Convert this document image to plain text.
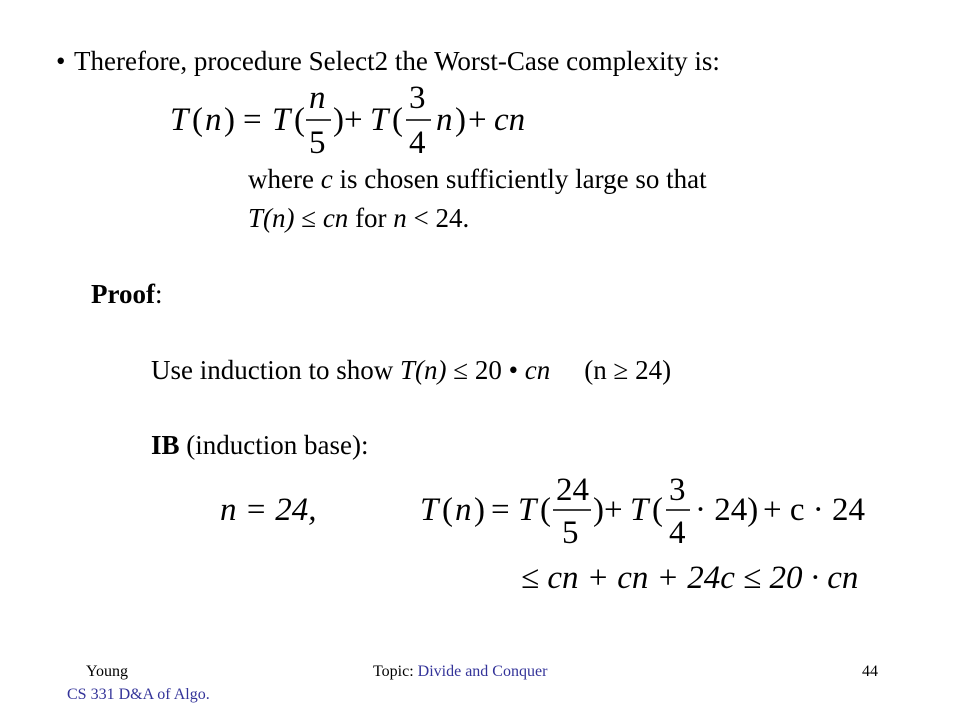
• Therefore, procedure Select2 the Worst-Case complexity is:
where c is chosen sufficiently large so that
T(n) ≤ cn for n < 24.
Proof:
Use induction to show T(n) ≤ 20 • cn (n ≥ 24)
IB (induction base):
T ( n ) = T (
n
5
) + T (
3
4
n ) + cn
n = 24,	T ( n ) = T (
24
5
) + T (
3
4
· 24) + c · 24
≤ cn + cn + 24c ≤ 20 · cn
Young
CS 331 D&A of Algo.
Topic: Divide and Conquer	44
